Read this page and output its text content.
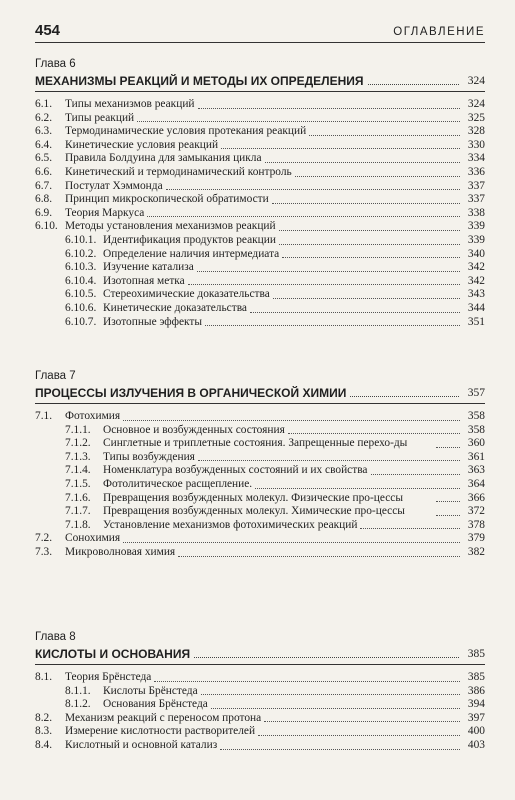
454	ОГЛАВЛЕНИЕ
Глава 6
МЕХАНИЗМЫ РЕАКЦИЙ И МЕТОДЫ ИХ ОПРЕДЕЛЕНИЯ	324
6.1.	Типы механизмов реакций	324
6.2.	Типы реакций	325
6.3.	Термодинамические условия протекания реакций	328
6.4.	Кинетические условия реакций	330
6.5.	Правила Болдуина для замыкания цикла	334
6.6.	Кинетический и термодинамический контроль	336
6.7.	Постулат Хэммонда	337
6.8.	Принцип микроскопической обратимости	337
6.9.	Теория Маркуса	338
6.10. Методы установления механизмов реакций	339
6.10.1. Идентификация продуктов реакции	339
6.10.2. Определение наличия интермедиата	340
6.10.3. Изучение катализа	342
6.10.4. Изотопная метка	342
6.10.5. Стереохимические доказательства	343
6.10.6. Кинетические доказательства	344
6.10.7. Изотопные эффекты	351
Глава 7
ПРОЦЕССЫ ИЗЛУЧЕНИЯ В ОРГАНИЧЕСКОЙ ХИМИИ	357
7.1.	Фотохимия	358
7.1.1.	Основное и возбужденных состояния	358
7.1.2.	Синглетные и триплетные состояния. Запрещенные перехо-ды	360
7.1.3.	Типы возбуждения	361
7.1.4.	Номенклатура возбужденных состояний и их свойства	363
7.1.5.	Фотолитическое расщепление.	364
7.1.6.	Превращения возбужденных молекул. Физические про-цессы	366
7.1.7.	Превращения возбужденных молекул. Химические про-цессы	372
7.1.8.	Установление механизмов фотохимических реакций	378
7.2.	Сонохимия	379
7.3.	Микроволновая химия	382
Глава 8
КИСЛОТЫ И ОСНОВАНИЯ	385
8.1.	Теория Брёнстеда	385
8.1.1.	Кислоты Брёнстеда	386
8.1.2.	Основания Брёнстеда	394
8.2.	Механизм реакций с переносом протона	397
8.3.	Измерение кислотности растворителей	400
8.4.	Кислотный и основной катализ	403
